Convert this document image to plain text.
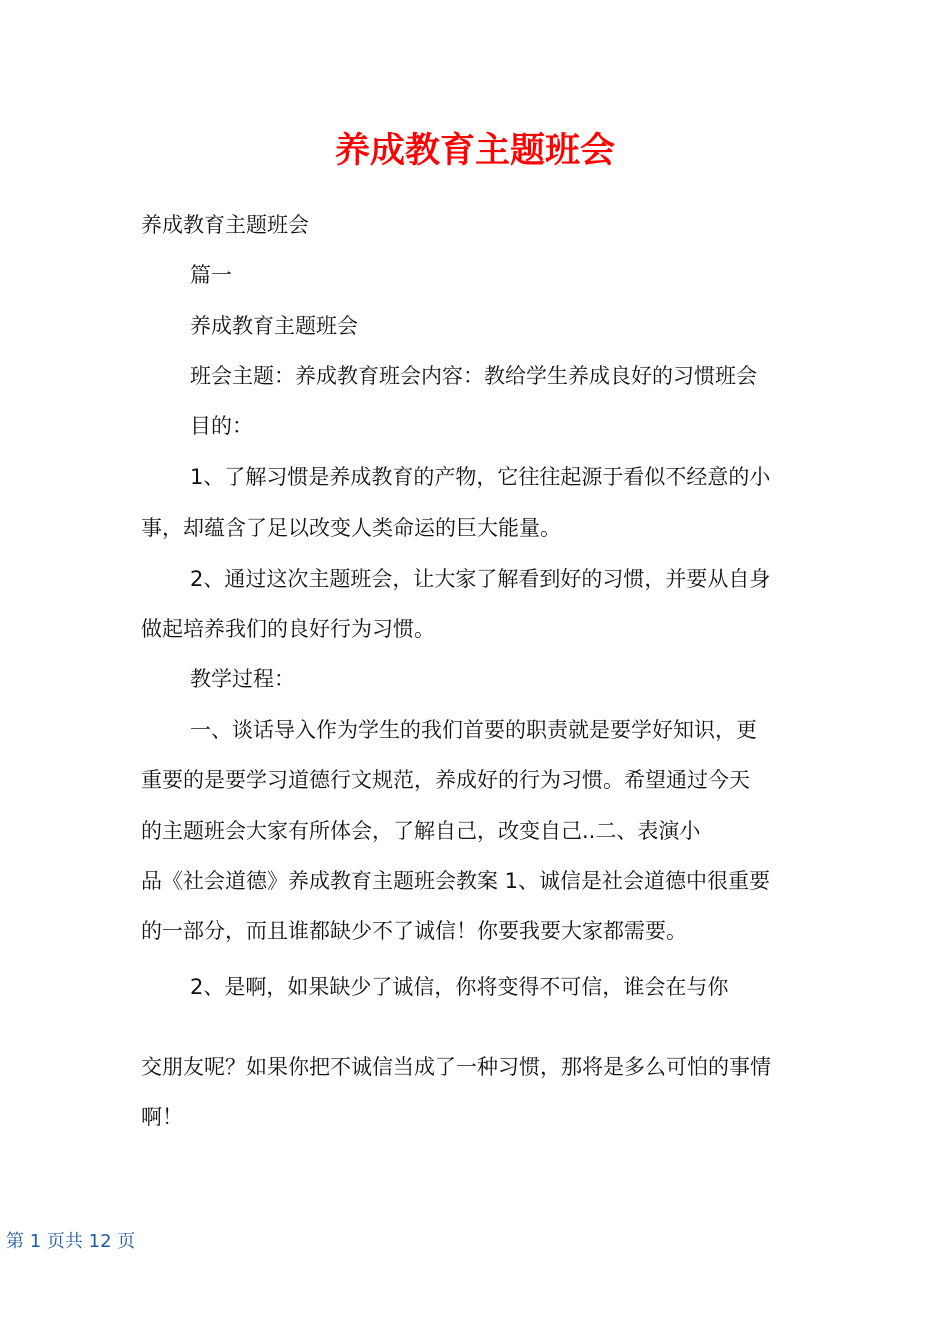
养成教育主题班会
养成教育主题班会
篇一
养成教育主题班会
班会主题：养成教育班会内容：教给学生养成良好的习惯班会
目的：
1、了解习惯是养成教育的产物，它往往起源于看似不经意的小
事，却蕴含了足以改变人类命运的巨大能量。
2、通过这次主题班会，让大家了解看到好的习惯，并要从自身
做起培养我们的良好行为习惯。
教学过程：
一、谈话导入作为学生的我们首要的职责就是要学好知识，更
重要的是要学习道德行文规范，养成好的行为习惯。希望通过今天
的主题班会大家有所体会，了解自己，改变自己..二、表演小
品《社会道德》养成教育主题班会教案 1、诚信是社会道德中很重要
的一部分，而且谁都缺少不了诚信！你要我要大家都需要。
2、是啊，如果缺少了诚信，你将变得不可信，谁会在与你
交朋友呢？如果你把不诚信当成了一种习惯，那将是多么可怕的事情
啊！
第 1 页共 12 页
